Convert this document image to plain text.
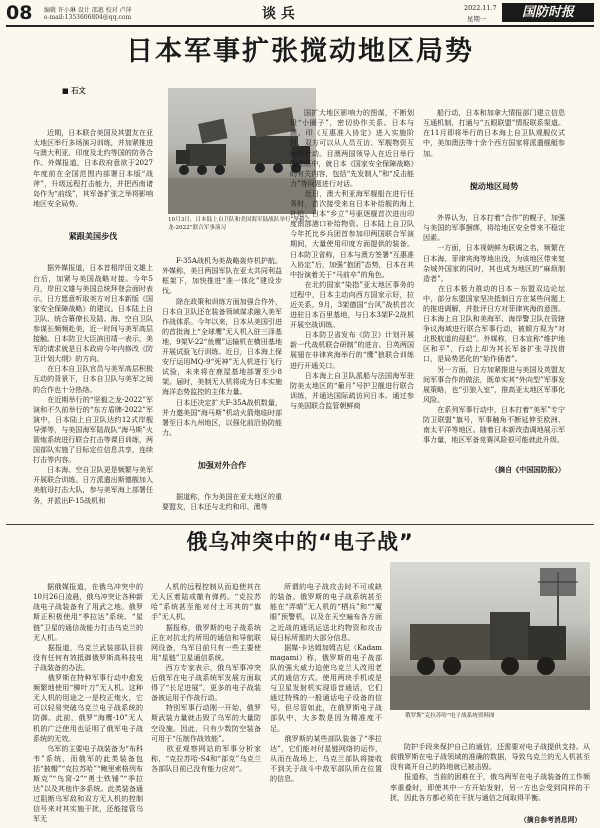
08 编辑 许小琳 设计 邵惠 校对 卢萍
e-mail:1353606804@qq.com	谈 兵	2022.11.7
星期一	国防时报
日本军事扩张搅动地区局势
■ 石文

近期，日本联合美国及其盟友在亚太地区举行多场演习训练，并加紧推进与澳大利亚、印度及北约等国的防务合作。外媒报道，日本政府意欲于2027年度前在全国范围内部署日本版“战斧”，升级远程打击能力，并把西南诸岛作为“前线”，其军备扩张之举将影响地区安全局势。

紧跟美国步伐

据外媒报道，日本首相岸田文雄上台后，加紧与美国战略对接。今年5月，岸田文雄与美国总统拜登会面时表示，日方愿意听取美方对日本新版《国家安全保障战略》的建议。日本陆上自卫队、统合幕僚长及陆、海、空自卫队参谋长频频赴美，近一时间与美军高层接触。日本防卫大臣滨田靖一表示，美军的请求就是日本政府今年内修改《防卫计划大纲》的方向。
　　在日本自卫队官员与美军高层积极互动的背景下，日本自卫队与美军之间的合作也十分热络。
　　在近期举行的“坚毅之龙-2022”军演和不久前举行的“东方盾牌-2022”军演中，日本陆上自卫队达约12式岸舰导弹等，与美国海军陆战队“海马斯”火箭炮系统进行联合打击等课目训练，两国部队实施了目标定位信息共享，连续打击等内容。
　　日本海、空自卫队更是频繁与美军开展联合训练。日方派遣出斯德舰加入美航母打击大队，参与美军海上部署任务，并派出F-15战机和

10月3日，日本陆上自卫队和美国海军陆战队举行“坚毅之龙-2022”联合军事演习

F-35A战机为美战略轰炸机护航。外媒称，美日两国军队在亚太共同利益框架下，加快推进“准一体化”建设步伐。
　　除在政策和训练方面加强合作外，日本自卫队还在装备领域谋求融入美军作战体系。今年以来，日本从美国引进的首批海上“全球鹰”无人机入驻三泽基地，9架V-22“鱼鹰”运输机在横田基地开展试验飞行训练。近日，日本海上保安厅运用MQ-9“死神”无人机进行飞行试验，未来将在鹿屋基地部署至少8架。届时，美制无人机将成为日本实施海洋态势监控的主体力量。
　　日本还决定扩大F-35A战机数量，并力邀美国“海马斯”机动火箭炮临时部署至日本九州地区，以强化前沿协防能力。

加强对外合作

据道称，作为美国在亚太地区的重要盟友，日本还与北约和印、澳等

国扩大地区影响力的图谋，不断划设“小圈子”，密切协作关系。日本与澳、印《互惠准入协定》进入实施阶段，双方可以从人员互访、军舰物资互助等行动。目澳两国领导人在近日举行的会晤中，就日本《国家安全保障战略》的有关内容，包括“先发制人”和“反击能力”等问题进行对话。
　　近日，澳大利亚海军舰船在进行任务时，首次接受来自日本补给舰的海上补给。日本“乡立”号驱逐舰首次进出印度南部港口补给物资。日本陆上自卫队今年托比乡兵团首参加印两国联合军演期间，大量使用印度方面提供的装备。日本防卫省称，日本与澳方签署“互惠准入协定”后，加强“抱团”态势，日本在其中扮演着关于“马前卒”的角色。
　　在北约国家“染指”亚太地区事务的过程中，日本主动向西方国家示好，拉近关系。9月，3架德国“台风”战机首次进驻日本百里基地，与日本3架F-2战机开展空战训练。
　　日本防卫省发布《防卫》计划开展新一代战机联合研制”的进言。日英两国展翅在非律宾海举行的“鹰”狼联合训练进行开通关口。
　　日本海上自卫队派船与法国海军驻防美太地区的“葡月”号护卫舰进行联合训练，并通达国际疏访问日本。通过参与美国联合监管朝鲜商

船行动，日本和加拿大情报部门建立信息互通机制，打通与“五眼联盟”情报联系渠道。在11月即将举行的日本海上自卫队观舰仪式中，美加澳法等十余个西方国家将派遣舰艇参加。

搅动地区局势

外界认为，日本打着“合作”的幌子，加强与美国的军事捆绑，将给地区安全带来不稳定因素。
　　一方面，日本视朝鲜为联调之名，频繁在日本海、菲律宾海等地出没，为该地区带来复杂城外国家的同时，其也成为地区的“麻烦制造者”。
　　在日本极力推动的日本－东盟双边论坛中，部分东盟国家坚决抵制日方在某些问题上的推进调解，并批评日方对菲律宾海的意图。日本海上自卫队和美海军、海岸警卫队在管辖争议海域进行联合军事行动，被倾方视为“对北极航道的侵犯”。外媒称，日本宣称“维护地区和平”，行动上却为其长军备扩张寻找借口，是局势恶化的“始作俑者”。
　　另一方面，日方加紧推进与美国及英盟友间军事合作的做法，既单实其“外向型”军事发展策略，也“引狼入室”，推高亚太地区军事化风险。
　　在系列军事行动中，日本打着“美军”专宁防卫联盟“旗号，军事触角不断延伸至欧洲、南太平洋等地区。随着日本新改造调地展示军事力量，地区军备竞赛风险很可能就此升级。

（摘自《中国国防报》）

俄乌冲突中的“电子战”

据俄媒报道，在俄乌冲突中的10月26日凌晨，俄乌冲突让各种新战电子战装备有了用武之地。俄罗斯正积极使用“季拉达”系统、“星链”卫星的通信战能力打击乌克兰的无人机。
　　据报道，乌克兰武装部队目前没有任何有效抵御俄罗斯高科技电子战装备的办法。
　　俄罗斯在特种军事行动中愈发频繁地使用“柳叶刀”无人机。这种无人机的用途之一是校正炮火，它可以轻易突破乌克兰电子战系统的防御。此前，俄罗“海鹰-10”无人机的广泛使用也证明了俄军电子战系统的无效。
　　乌军的主要电子战装备为“布科韦”系统，而俄军的此类装备包括“披帽”“克拉苏哈”“鲍里索格列布斯克”“鸟窝-2”“勇士铁锤”“季拉达”以及其他许多系统。此类装备通过阻断乌军敌和双方无人机的控制信号来对其实施干扰，还能接管乌军无

人机的远程控制从而迫使其在无人区着陆或撤有弹药。“克拉苏哈”系统甚至能对付土耳其的“旗手”无人机。
　　据报称，俄罗斯的电子战系统正在对抗北约所用的通信和导航联网设备，乌军目前只有一些主要使用“星链”卫星通信系统。
　　西方专家表示，俄乌军事冲突后俄军在电子战系统军发展方面取得了“长足进展”，更多的电子战装备被运用于作战行动。
　　特别军事行动刚一开始，俄罗斯武装力量就击毁了乌军的大量防空设施。因此，只有少数防空装备可用于“压制作战效能”。
　　欧亚观察网站的军事分析家称，“克拉苏哈-S4和“部克”乌克兰各部队目前已没有能力应对“。

所谓的电子战攻击时不可或缺的装备。俄罗斯的电子战系统甚至能在“弄晴”无人机的“栖兵”和““魔眼”预警机，以及在天空遍布各方面之近战的通讯运送北约物资和攻击局日标所需的大部分信息。
　　据媒·卡达姆加姆吉尼（Kadammagami）称，俄罗斯的电子战部队的强大威力迫使乌克兰人改用老式的通信方式。使用两块手机或是与卫星发射机实现语音通话，它们通过特殊的一般通话电子设备的信号，但尽管如此，在俄罗斯电子战部队中，大多数是因为精准度不足。
　　俄罗斯的某些部队装备了“季拉达”，它们能对付星链网络的运作，从而在战场上，乌克兰部队将接收不到关于战斗中敌军部队所在位置的信息。

俄罗斯“克拉苏哈”电子战系统资料图

防护手段来保护自己的通信，还需要对电子战提供支持。从前俄罗斯在电子战领域的准确的数据，导致乌克兰的无人机甚至没有离开自己的阵地就已被击毁。
　　报道称，当前的困难在于，俄乌两军在电子战装备的工作频率重叠时，即使其中一方开始发射，另一方也会受到同样的干扰，因此各方都必须在干扰与通信之间取得平衡。

（摘自参考消息网）
